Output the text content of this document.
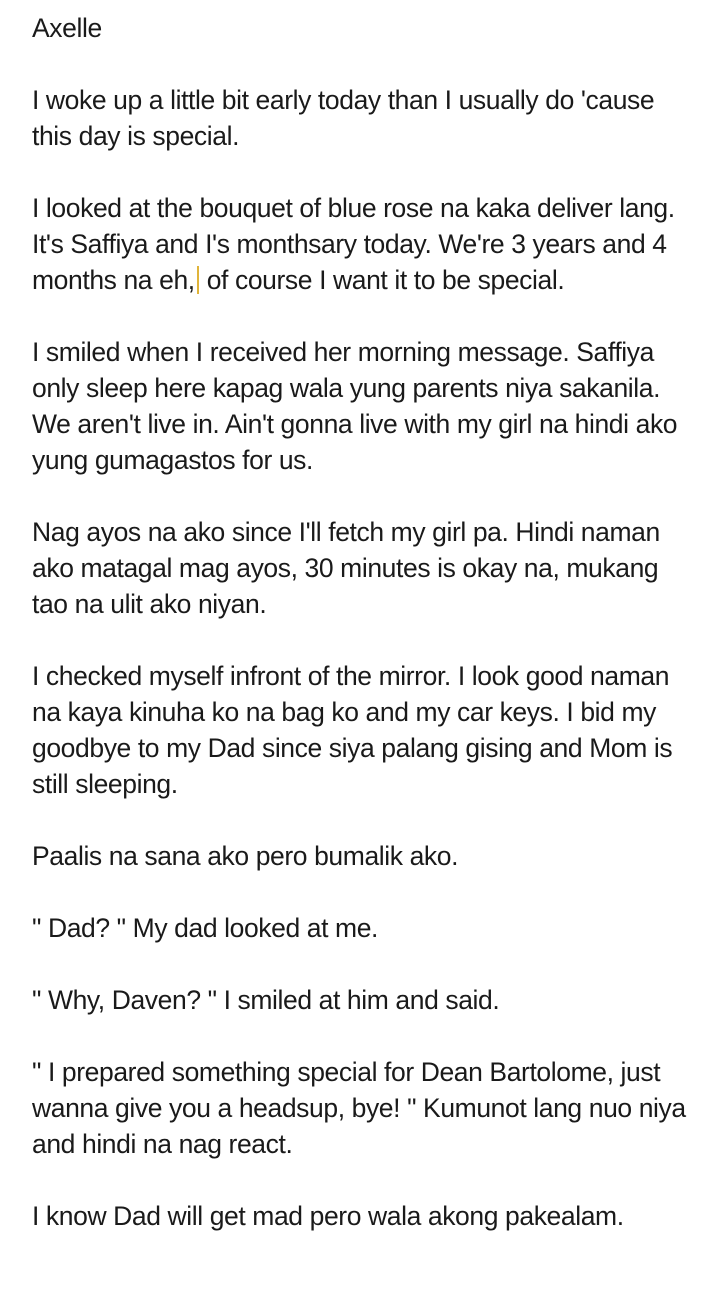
Axelle

I woke up a little bit early today than I usually do 'cause this day is special.

I looked at the bouquet of blue rose na kaka deliver lang. It's Saffiya and I's monthsary today. We're 3 years and 4 months na eh, of course I want it to be special.

I smiled when I received her morning message. Saffiya only sleep here kapag wala yung parents niya sakanila. We aren't live in. Ain't gonna live with my girl na hindi ako yung gumagastos for us.

Nag ayos na ako since I'll fetch my girl pa. Hindi naman ako matagal mag ayos, 30 minutes is okay na, mukang tao na ulit ako niyan.

I checked myself infront of the mirror. I look good naman na kaya kinuha ko na bag ko and my car keys. I bid my goodbye to my Dad since siya palang gising and Mom is still sleeping.

Paalis na sana ako pero bumalik ako.

" Dad? " My dad looked at me.

" Why, Daven? " I smiled at him and said.

" I prepared something special for Dean Bartolome, just wanna give you a headsup, bye! " Kumunot lang nuo niya and hindi na nag react.

I know Dad will get mad pero wala akong pakealam.
